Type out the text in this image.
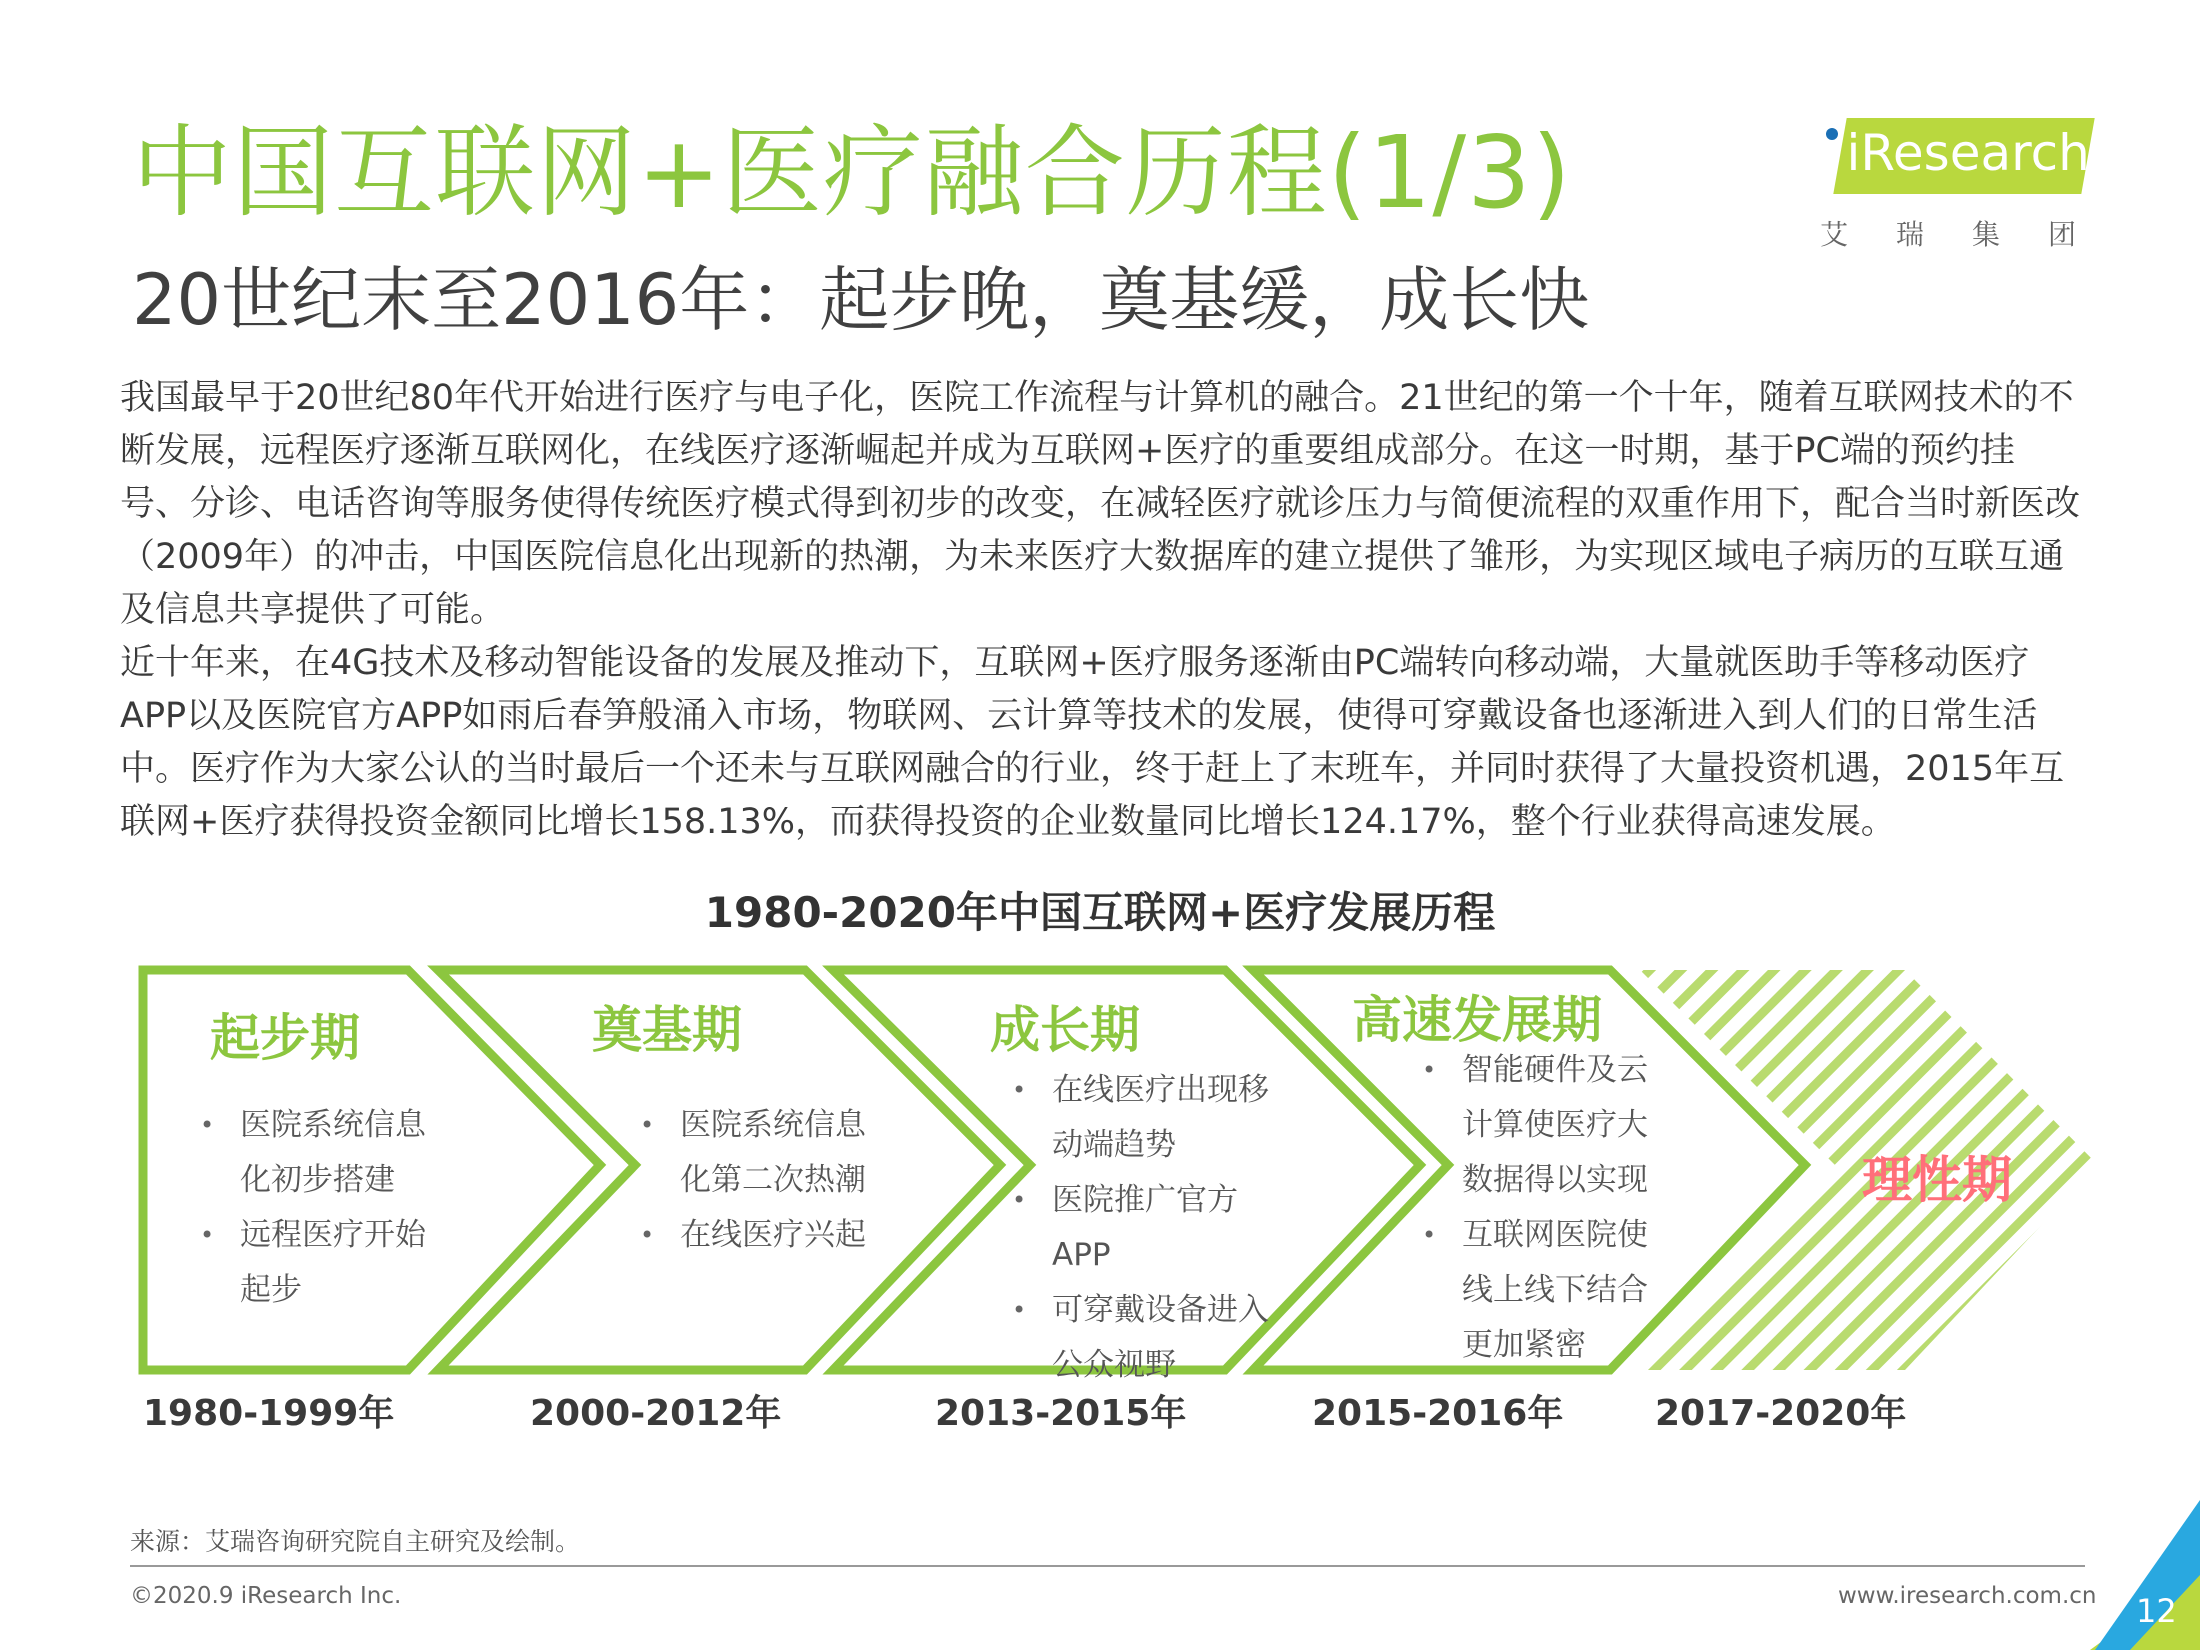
中国互联网+医疗融合历程(1/3)
20世纪末至2016年：起步晚，奠基缓，成长快
iResearch
艾瑞集团

我国最早于20世纪80年代开始进行医疗与电子化，医院工作流程与计算机的融合。21世纪的第一个十年，随着互联网技术的不断发展，远程医疗逐渐互联网化，在线医疗逐渐崛起并成为互联网+医疗的重要组成部分。在这一时期，基于PC端的预约挂号、分诊、电话咨询等服务使得传统医疗模式得到初步的改变，在减轻医疗就诊压力与简便流程的双重作用下，配合当时新医改（2009年）的冲击，中国医院信息化出现新的热潮，为未来医疗大数据库的建立提供了雏形，为实现区域电子病历的互联互通及信息共享提供了可能。

近十年来，在4G技术及移动智能设备的发展及推动下，互联网+医疗服务逐渐由PC端转向移动端，大量就医助手等移动医疗APP以及医院官方APP如雨后春笋般涌入市场，物联网、云计算等技术的发展，使得可穿戴设备也逐渐进入到人们的日常生活中。医疗作为大家公认的当时最后一个还未与互联网融合的行业，终于赶上了末班车，并同时获得了大量投资机遇，2015年互联网+医疗获得投资金额同比增长158.13%，而获得投资的企业数量同比增长124.17%，整个行业获得高速发展。

1980-2020年中国互联网+医疗发展历程
起步期	奠基期	成长期	高速发展期
理性期
• 医院系统信息化初步搭建
• 远程医疗开始起步
• 医院系统信息化第二次热潮
• 在线医疗兴起
• 在线医疗出现移动端趋势
• 医院推广官方APP
• 可穿戴设备进入公众视野
• 智能硬件及云计算使医疗大数据得以实现
• 互联网医院使线上线下结合更加紧密
1980-1999年	2000-2012年	2013-2015年	2015-2016年	2017-2020年
来源：艾瑞咨询研究院自主研究及绘制。
©2020.9 iResearch Inc.	www.iresearch.com.cn 12
